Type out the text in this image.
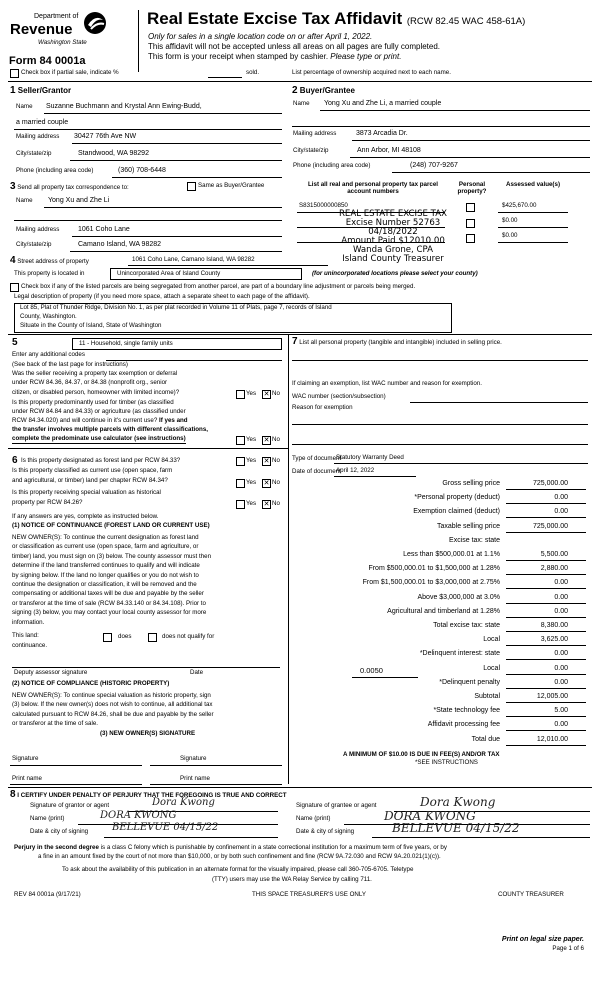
Department of
Revenue
Washington State
Form 84 0001a
Real Estate Excise Tax Affidavit (RCW 82.45 WAC 458-61A)
Only for sales in a single location code on or after April 1, 2022.
This affidavit will not be accepted unless all areas on all pages are fully completed.
This form is your receipt when stamped by cashier. Please type or print.
Check box if partial sale, indicate %	sold.	List percentage of ownership acquired next to each name.
1 Seller/Grantor	2 Buyer/Grantee
Name Suzanne Buchmann and Krystal Ann Ewing-Budd,
a married couple
Mailing address 30427 76th Ave NW
City/state/zip	Standwood, WA 98292
Phone (including area code)	(360) 708-6448
Name Yong Xu and Zhe Li, a married couple
Mailing address	3873 Arcadia Dr.
City/state/zip	Ann Arbor, MI 48108
Phone (including area code)	(248) 707-9267
3 Send all property tax correspondence to:	Same as Buyer/Grantee
Name Yong Xu and Zhe Li
Mailing address	1061 Coho Lane
City/state/zip	Camano Island, WA 98282
List all real and personal property tax parcel account numbers
Personal property?
Assessed value(s)
S8315000000850	$425,670.00
$0.00
$0.00
REAL ESTATE EXCISE TAX
Excise Number 52763
04/18/2022
Amount Paid $12010.00
Wanda Grone, CPA
Island County Treasurer
4 Street address of property	1061 Coho Lane, Camano Island, WA 98282
This property is located in	Unincorporated Area of Island County	(for unincorporated locations please select your county)
Check box if any of the listed parcels are being segregated from another parcel, are part of a boundary line adjustment or parcels being merged.
Legal description of property (if you need more space, attach a separate sheet to each page of the affidavit).
Lot 85, Plat of Thunder Ridge, Division No. 1, as per plat recorded in Volume 11 of Plats, page 7, records of Island
County, Washington.
Situate in the County of Island, State of Washington
5	11 - Household, single family units
Enter any additional codes
(See back of the last page for instructions)
Was the seller receiving a property tax exemption or deferral
under RCW 84.36, 84.37, or 84.38 (nonprofit org., senior
citizen, or disabled person, homeowner with limited income)?	Yes ✕ No
Is this property predominantly used for timber (as classified
under RCW 84.84 and 84.33) or agriculture (as classified under
RCW 84.34.020) and will continue in it's current use? If yes and
the transfer involves multiple parcels with different classifications,
complete the predominate use calculator (see instructions)	Yes ✕ No
6 Is this property designated as forest land per RCW 84.33?	Yes ✕ No
Is this property classified as current use (open space, farm
and agricultural, or timber) land per chapter RCW 84.34?	Yes ✕ No
Is this property receiving special valuation as historical
property per RCW 84.26?	Yes ✕ No
If any answers are yes, complete as instructed below.
(1) NOTICE OF CONTINUANCE (FOREST LAND OR CURRENT USE)
NEW OWNER(S): To continue the current designation as forest land
or classification as current use (open space, farm and agriculture, or
timber) land, you must sign on (3) below. The county assessor must then
determine if the land transferred continues to qualify and will indicate
by signing below. If the land no longer qualifies or you do not wish to
continue the designation or classification, it will be removed and the
compensating or additional taxes will be due and payable by the seller
or transferor at the time of sale (RCW 84.33.140 or 84.34.108). Prior to
signing (3) below, you may contact your local county assessor for more
information.
This land:	does	does not qualify for
continuance.
Deputy assessor signature	Date
(2) NOTICE OF COMPLIANCE (HISTORIC PROPERTY)
NEW OWNER(S): To continue special valuation as historic property, sign
(3) below. If the new owner(s) does not wish to continue, all additional tax
calculated pursuant to RCW 84.26, shall be due and payable by the seller
or transferor at the time of sale.
(3) NEW OWNER(S) SIGNATURE
Signature	Signature
Print name	Print name
7 List all personal property (tangible and intangible) included in selling price.
If claiming an exemption, list WAC number and reason for exemption.
WAC number (section/subsection)
Reason for exemption
Type of document
Statutory Warranty Deed
Date of document
April 12, 2022
Gross selling price	725,000.00
*Personal property (deduct)	0.00
Exemption claimed (deduct)	0.00
Taxable selling price	725,000.00
Excise tax: state
Less than $500,000.01 at 1.1%	5,500.00
From $500,000.01 to $1,500,000 at 1.28%	2,880.00
From $1,500,000.01 to $3,000,000 at 2.75%	0.00
Above $3,000,000 at 3.0%	0.00
Agricultural and timberland at 1.28%	0.00
Total excise tax: state	8,380.00
Local	3,625.00
*Delinquent interest: state	0.00
Local	0.00
*Delinquent penalty	0.00
Subtotal	12,005.00
*State technology fee	5.00
Affidavit processing fee	0.00
Total due	12,010.00
0.0050
A MINIMUM OF $10.00 IS DUE IN FEE(S) AND/OR TAX
*SEE INSTRUCTIONS
8 I CERTIFY UNDER PENALTY OF PERJURY THAT THE FOREGOING IS TRUE AND CORRECT
Signature of grantor or agent	Dora Kwong
Name (print)	DORA KWONG
Date & city of signing BELLEVUE 04/15/22
Signature of grantee or agent	Dora Kwong
Name (print)	DORA KWONG
Date & city of signing	BELLEVUE 04/15/22
Perjury in the second degree is a class C felony which is punishable by confinement in a state correctional institution for a maximum term of five years, or by
a fine in an amount fixed by the court of not more than $10,000, or by both such confinement and fine (RCW 9A.72.030 and RCW 9A.20.021(1)(c)).
To ask about the availability of this publication in an alternate format for the visually impaired, please call 360-705-6705. Teletype
(TTY) users may use the WA Relay Service by calling 711.
REV 84 0001a (9/17/21)	THIS SPACE TREASURER'S USE ONLY	COUNTY TREASURER
Print on legal size paper.
Page 1 of 6
